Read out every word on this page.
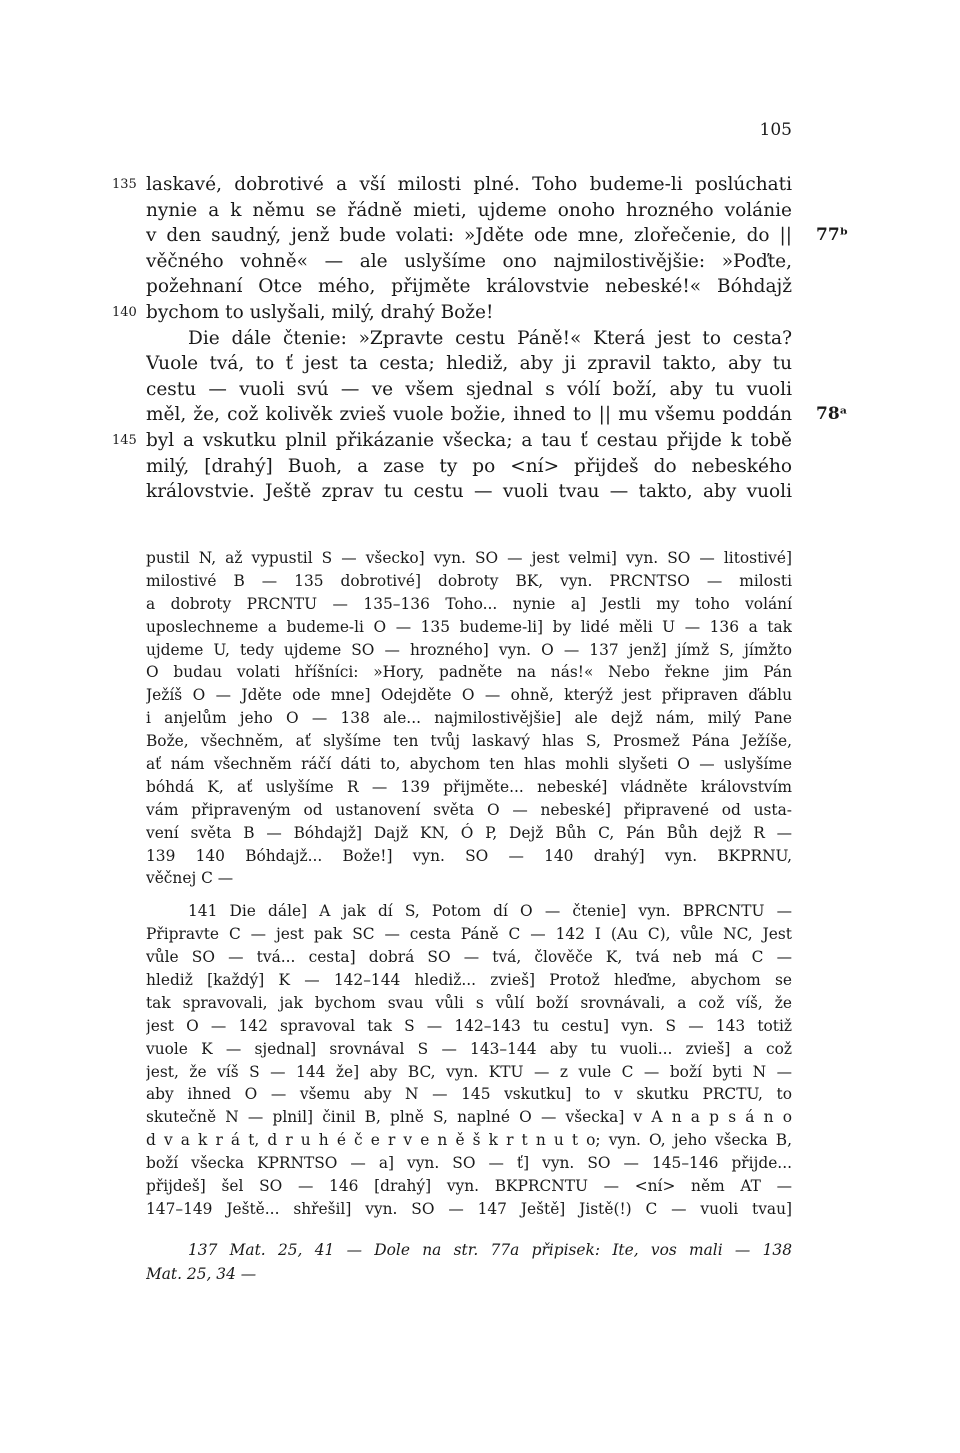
105
135 laskavé, dobrotivé a vší milosti plné. Toho budeme-li poslúchati
nynie a k němu se řádně mieti, ujdeme onoho hrozného volánie
v den saudný, jenž bude volati: »Jděte ode mne, zlořečenie, do || 77ᵇ
věčného vohně« — ale uslyšíme ono najmilostivějšie: »Poďte,
požehnaní Otce mého, přijměte královstvie nebeské!« Bóhdajž
140 bychom to uslyšali, milý, drahý Bože!
Die dále čtenie: »Zpravte cestu Páně!« Která jest to cesta?
Vuole tvá, to ť jest ta cesta; hlediž, aby ji zpravil takto, aby tu
cestu — vuoli svú — ve všem sjednal s vólí boží, aby tu vuoli
měl, že, což kolivěk zvieš vuole božie, ihned to || mu všemu poddán 78ᵃ
145 byl a vskutku plnil přikázanie všecka; a tau ť cestau přijde k tobě
milý, [drahý] Buoh, a zase ty po <ní> přijdeš do nebeského
královstvie. Ještě zprav tu cestu — vuoli tvau — takto, aby vuoli
pustil N, až vypustil S — všecko] vyn. SO — jest velmi] vyn. SO — litostivé]
milostivé B — 135 dobrotivé] dobroty BK, vyn. PRCNTSO — milosti
a dobroty PRCNTU — 135–136 Toho... nynie a] Jestli my toho volání
uposlechneme a budeme-li O — 135 budeme-li] by lidé měli U — 136 a tak
ujdeme U, tedy ujdeme SO — hrozného] vyn. O — 137 jenž] jímž S, jímžto
O budau volati hříšníci: »Hory, padněte na nás!« Nebo řekne jim Pán
Ježíš O — Jděte ode mne] Odejděte O — ohně, kterýž jest připraven ďáblu
i anjelům jeho O — 138 ale... najmilostivějšie] ale dejž nám, milý Pane
Bože, všechněm, ať slyšíme ten tvůj laskavý hlas S, Prosmež Pána Ježíše,
ať nám všechněm ráčí dáti to, abychom ten hlas mohli slyšeti O — uslyšíme
bóhdá K, ať uslyšíme R — 139 přijměte... nebeské] vládněte královstvím
vám připraveným od ustanovení světa O — nebeské] připravené od usta-
vení světa B — Bóhdajž] Dajž KN, Ó P, Dejž Bůh C, Pán Bůh dejž R —
139 140 Bóhdajž... Bože!] vyn. SO — 140 drahý] vyn. BKPRNU,
věčnej C —
141 Die dále] A jak dí S, Potom dí O — čtenie] vyn. BPRCNTU —
Připravte C — jest pak SC — cesta Páně C — 142 I (Au C), vůle NC, Jest
vůle SO — tvá... cesta] dobrá SO — tvá, člověče K, tvá neb má C —
hlediž [každý] K — 142–144 hlediž... zvieš] Protož hleďme, abychom se
tak spravovali, jak bychom svau vůli s vůlí boží srovnávali, a což víš, že
jest O — 142 spravoval tak S — 142–143 tu cestu] vyn. S — 143 totiž
vuole K — sjednal] srovnával S — 143–144 aby tu vuoli... zvieš] a což
jest, že víš S — 144 že] aby BC, vyn. KTU — z vule C — boží byti N —
aby ihned O — všemu aby N — 145 vskutku] to v skutku PRCTU, to
skutečně N — plnil] činil B, plně S, naplné O — všecka] v A n a p s á n o
d v a k r á t, d r u h é č e r v e n ě š k r t n u t o; vyn. O, jeho všecka B,
boží všecka KPRNTSO — a] vyn. SO — ť] vyn. SO — 145–146 přijde...
přijdeš] šel SO — 146 [drahý] vyn. BKPRCNTU — <ní> něm AT —
147–149 Ještě... shřešil] vyn. SO — 147 Ještě] Jistě(!) C — vuoli tvau]
137 Mat. 25, 41 — Dole na str. 77a připisek: Ite, vos mali — 138
Mat. 25, 34 —
